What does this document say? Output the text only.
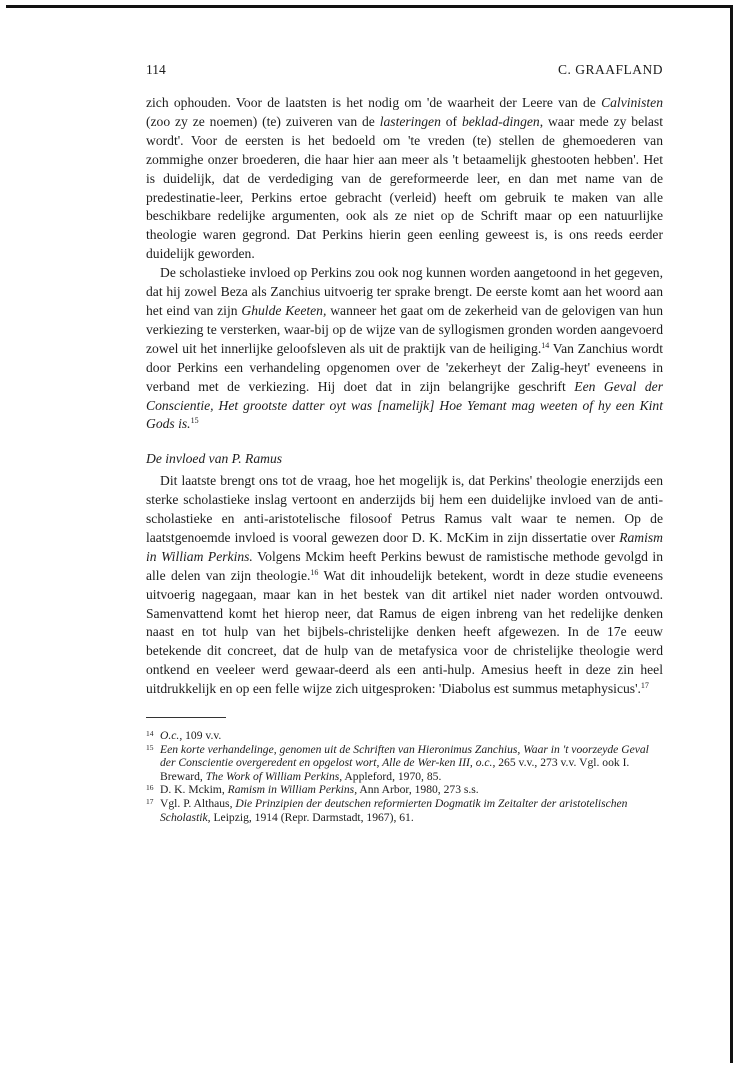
114	C. GRAAFLAND

zich ophouden. Voor de laatsten is het nodig om 'de waarheit der Leere van de Calvinisten (zoo zy ze noemen) (te) zuiveren van de lasteringen of beklad-dingen, waar mede zy belast wordt'. Voor de eersten is het bedoeld om 'te vreden (te) stellen de ghemoederen van zommighe onzer broederen, die haar hier aan meer als 't betaamelijk ghestooten hebben'. Het is duidelijk, dat de verdediging van de gereformeerde leer, en dan met name van de predestinatie-leer, Perkins ertoe gebracht (verleid) heeft om gebruik te maken van alle beschikbare redelijke argumenten, ook als ze niet op de Schrift maar op een natuurlijke theologie waren gegrond. Dat Perkins hierin geen eenling geweest is, is ons reeds eerder duidelijk geworden.

De scholastieke invloed op Perkins zou ook nog kunnen worden aangetoond in het gegeven, dat hij zowel Beza als Zanchius uitvoerig ter sprake brengt. De eerste komt aan het woord aan het eind van zijn Ghulde Keeten, wanneer het gaat om de zekerheid van de gelovigen van hun verkiezing te versterken, waar-bij op de wijze van de syllogismen gronden worden aangevoerd zowel uit het innerlijke geloofsleven als uit de praktijk van de heiliging.$^{14}$ Van Zanchius wordt door Perkins een verhandeling opgenomen over de 'zekerheyt der Zalig-heyt' eveneens in verband met de verkiezing. Hij doet dat in zijn belangrijke geschrift Een Geval der Conscientie, Het grootste datter oyt was [namelijk] Hoe Yemant mag weeten of hy een Kint Gods is.$^{15}$

De invloed van P. Ramus

Dit laatste brengt ons tot de vraag, hoe het mogelijk is, dat Perkins' theologie enerzijds een sterke scholastieke inslag vertoont en anderzijds bij hem een duidelijke invloed van de anti-scholastieke en anti-aristotelische filosoof Petrus Ramus valt waar te nemen. Op de laatstgenoemde invloed is vooral gewezen door D. K. McKim in zijn dissertatie over Ramism in William Perkins. Volgens Mckim heeft Perkins bewust de ramistische methode gevolgd in alle delen van zijn theologie.$^{16}$ Wat dit inhoudelijk betekent, wordt in deze studie eveneens uitvoerig nagegaan, maar kan in het bestek van dit artikel niet nader worden ontvouwd. Samenvattend komt het hierop neer, dat Ramus de eigen inbreng van het redelijke denken naast en tot hulp van het bijbels-christelijke denken heeft afgewezen. In de 17e eeuw betekende dit concreet, dat de hulp van de metafysica voor de christelijke theologie werd ontkend en veeleer werd gewaar-deerd als een anti-hulp. Amesius heeft in deze zin heel uitdrukkelijk en op een felle wijze zich uitgesproken: 'Diabolus est summus metaphysicus'.$^{17}$

14 O.c., 109 v.v.
15 Een korte verhandelinge, genomen uit de Schriften van Hieronimus Zanchius, Waar in 't voorzeyde Geval der Conscientie overgeredent en opgelost wort, Alle de Wer-ken III, o.c., 265 v.v., 273 v.v. Vgl. ook I. Breward, The Work of William Perkins, Appleford, 1970, 85.
16 D. K. Mckim, Ramism in William Perkins, Ann Arbor, 1980, 273 s.s.
17 Vgl. P. Althaus, Die Prinzipien der deutschen reformierten Dogmatik im Zeitalter der aristotelischen Scholastik, Leipzig, 1914 (Repr. Darmstadt, 1967), 61.
